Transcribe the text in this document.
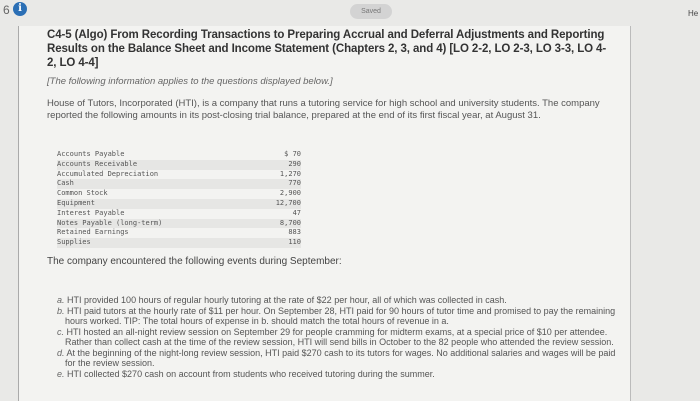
6 i	Saved	He
C4-5 (Algo) From Recording Transactions to Preparing Accrual and Deferral Adjustments and Reporting Results on the Balance Sheet and Income Statement (Chapters 2, 3, and 4) [LO 2-2, LO 2-3, LO 3-3, LO 4-2, LO 4-4]
[The following information applies to the questions displayed below.]
House of Tutors, Incorporated (HTI), is a company that runs a tutoring service for high school and university students. The company reported the following amounts in its post-closing trial balance, prepared at the end of its first fiscal year, at August 31.
Accounts Payable	$ 70
Accounts Receivable	290
Accumulated Depreciation	1,270
Cash	770
Common Stock	2,900
Equipment	12,700
Interest Payable	47
Notes Payable (long-term)	8,700
Retained Earnings	883
Supplies	110
The company encountered the following events during September:
a. HTI provided 100 hours of regular hourly tutoring at the rate of $22 per hour, all of which was collected in cash.
b. HTI paid tutors at the hourly rate of $11 per hour. On September 28, HTI paid for 90 hours of tutor time and promised to pay the remaining hours worked. TIP: The total hours of expense in b. should match the total hours of revenue in a.
c. HTI hosted an all-night review session on September 29 for people cramming for midterm exams, at a special price of $10 per attendee. Rather than collect cash at the time of the review session, HTI will send bills in October to the 82 people who attended the review session.
d. At the beginning of the night-long review session, HTI paid $270 cash to its tutors for wages. No additional salaries and wages will be paid for the review session.
e. HTI collected $270 cash on account from students who received tutoring during the summer.
